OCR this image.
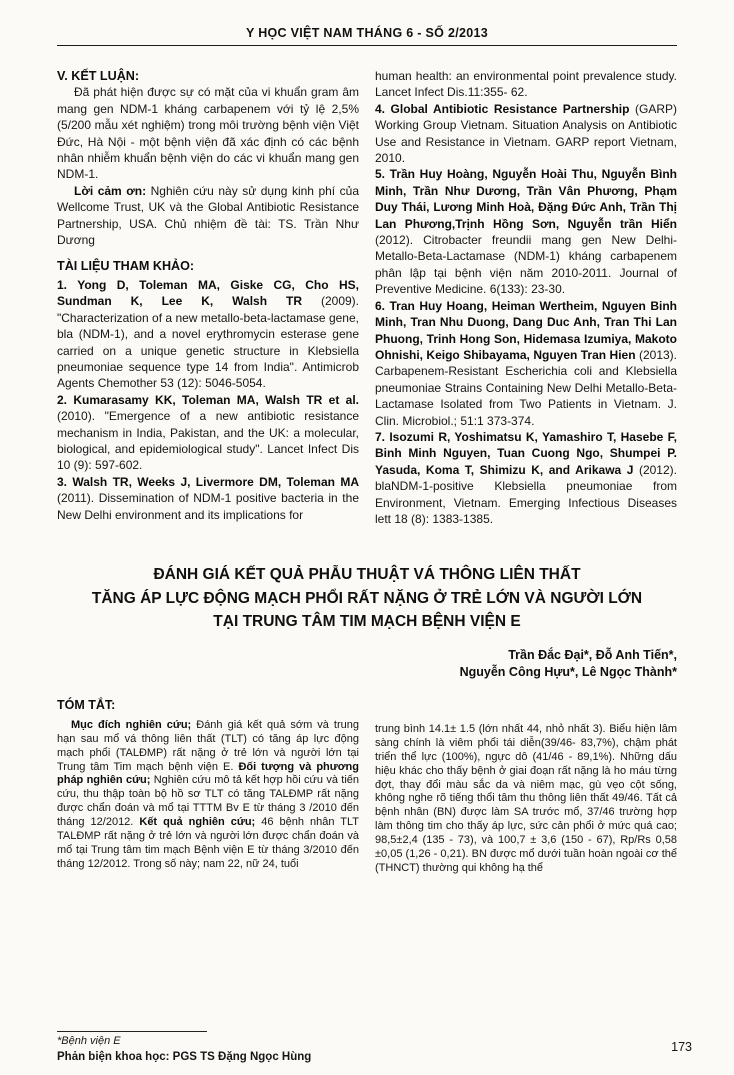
Y HỌC VIỆT NAM THÁNG 6 - SỐ 2/2013
V. KẾT LUẬN:

Đã phát hiện được sự có mặt của vi khuẩn gram âm mang gen NDM-1 kháng carbapenem với tỷ lệ 2,5% (5/200 mẫu xét nghiệm) trong môi trường bệnh viện Việt Đức, Hà Nội - một bệnh viện đã xác định có các bệnh nhân nhiễm khuẩn bệnh viện do các vi khuẩn mang gen NDM-1.

Lời cảm ơn: Nghiên cứu này sử dụng kinh phí của Wellcome Trust, UK và the Global Antibiotic Resistance Partnership, USA. Chủ nhiệm đề tài: TS. Trần Như Dương

TÀI LIỆU THAM KHẢO:

1. Yong D, Toleman MA, Giske CG, Cho HS, Sundman K, Lee K, Walsh TR (2009). "Characterization of a new metallo-beta-lactamase gene, bla (NDM-1), and a novel erythromycin esterase gene carried on a unique genetic structure in Klebsiella pneumoniae sequence type 14 from India". Antimicrob Agents Chemother 53 (12): 5046-5054.

2. Kumarasamy KK, Toleman MA, Walsh TR et al. (2010). "Emergence of a new antibiotic resistance mechanism in India, Pakistan, and the UK: a molecular, biological, and epidemiological study". Lancet Infect Dis 10 (9): 597-602.

3. Walsh TR, Weeks J, Livermore DM, Toleman MA (2011). Dissemination of NDM-1 positive bacteria in the New Delhi environment and its implications for

human health: an environmental point prevalence study. Lancet Infect Dis.11:355- 62.

4. Global Antibiotic Resistance Partnership (GARP) Working Group Vietnam. Situation Analysis on Antibiotic Use and Resistance in Vietnam. GARP report Vietnam, 2010.

5. Trần Huy Hoàng, Nguyễn Hoài Thu, Nguyễn Bình Minh, Trần Như Dương, Trần Vân Phương, Phạm Duy Thái, Lương Minh Hoà, Đặng Đức Anh, Trần Thị Lan Phương,Trịnh Hồng Sơn, Nguyễn trần Hiển (2012). Citrobacter freundii mang gen New Delhi-Metallo-Beta-Lactamase (NDM-1) kháng carbapenem phân lập tại bệnh viện năm 2010-2011. Journal of Preventive Medicine. 6(133): 23-30.

6. Tran Huy Hoang, Heiman Wertheim, Nguyen Binh Minh, Tran Nhu Duong, Dang Duc Anh, Tran Thi Lan Phuong, Trinh Hong Son, Hidemasa Izumiya, Makoto Ohnishi, Keigo Shibayama, Nguyen Tran Hien (2013). Carbapenem-Resistant Escherichia coli and Klebsiella pneumoniae Strains Containing New Delhi Metallo-Beta-Lactamase Isolated from Two Patients in Vietnam. J. Clin. Microbiol.; 51:1 373-374.

7. Isozumi R, Yoshimatsu K, Yamashiro T, Hasebe F, Binh Minh Nguyen, Tuan Cuong Ngo, Shumpei P. Yasuda, Koma T, Shimizu K, and Arikawa J (2012). blaNDM-1-positive Klebsiella pneumoniae from Environment, Vietnam. Emerging Infectious Diseases lett 18 (8): 1383-1385.

ĐÁNH GIÁ KẾT QUẢ PHẪU THUẬT VÁ THÔNG LIÊN THẤT
TĂNG ÁP LỰC ĐỘNG MẠCH PHỔI RẤT NẶNG Ở TRẺ LỚN VÀ NGƯỜI LỚN
TẠI TRUNG TÂM TIM MẠCH BỆNH VIỆN E
Trần Đắc Đại*, Đỗ Anh Tiến*,
Nguyễn Công Hựu*, Lê Ngọc Thành*
TÓM TẮT:

Mục đích nghiên cứu; Đánh giá kết quả sớm và trung hạn sau mổ vá thông liên thất (TLT) có tăng áp lực động mạch phổi (TALĐMP) rất nặng ở trẻ lớn và người lớn tại Trung tâm Tim mạch bệnh viện E. Đối tượng và phương pháp nghiên cứu; Nghiên cứu mô tả kết hợp hồi cứu và tiến cứu, thu thập toàn bộ hồ sơ TLT có tăng TALĐMP rất nặng được chẩn đoán và mổ tại TTTM Bv E từ tháng 3 /2010 đến tháng 12/2012. Kết quả nghiên cứu; 46 bệnh nhân TLT TALĐMP rất nặng ở trẻ lớn và người lớn được chẩn đoán và mổ tại Trung tâm tim mạch Bệnh viện E từ tháng 3/2010 đến tháng 12/2012. Trong số này; nam 22, nữ 24, tuổi

trung bình 14.1± 1.5 (lớn nhất 44, nhỏ nhất 3). Biểu hiện lâm sàng chính là viêm phổi tái diễn(39/46- 83,7%), chậm phát triển thể lực (100%), ngực dô (41/46 - 89,1%). Những dấu hiệu khác cho thấy bệnh ở giai đoạn rất nặng là ho máu từng đợt, thay đổi màu sắc da và niêm mạc, gù vẹo cột sống, không nghe rõ tiếng thổi tâm thu thông liên thất 49/46. Tất cả bệnh nhân (BN) được làm SA trước mổ, 37/46 trường hợp làm thông tim cho thấy áp lực, sức cản phổi ở mức quá cao; 98,5±2,4 (135 - 73), và 100,7 ± 3,6 (150 - 67), Rp/Rs 0,58 ±0,05 (1,26 - 0,21). BN được mổ dưới tuần hoàn ngoài cơ thể (THNCT) thường qui không hạ thể

*Bệnh viện E
Phản biện khoa học: PGS TS Đặng Ngọc Hùng
173
